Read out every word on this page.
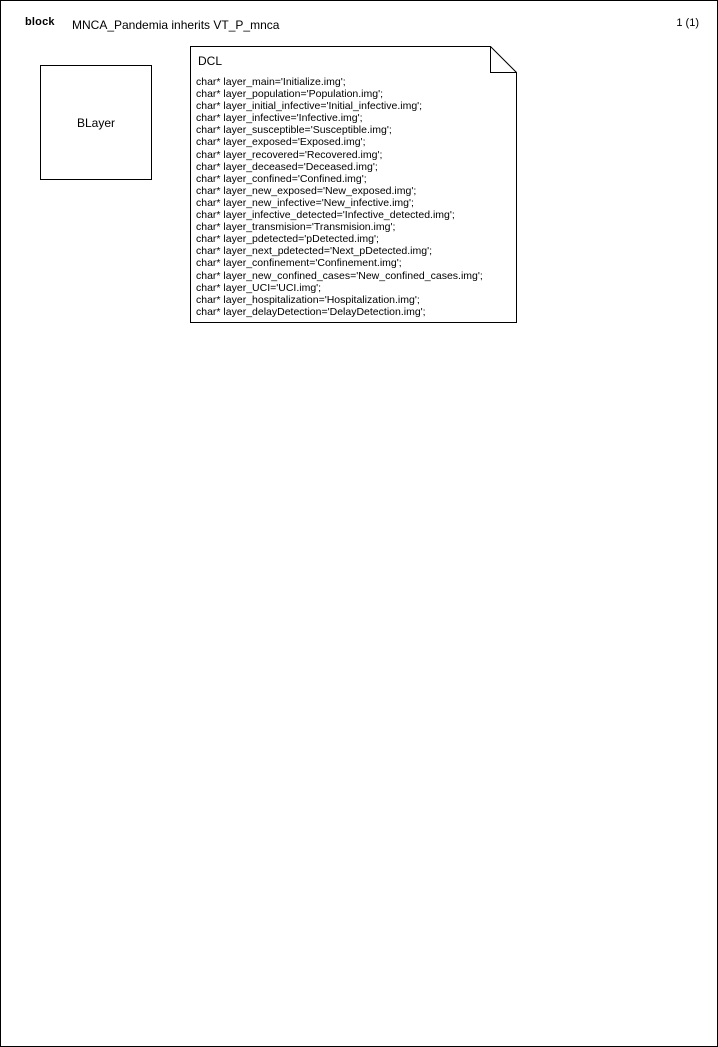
block MNCA_Pandemia inherits VT_P_mnca	1 (1)
BLayer
DCL
char* layer_main='Initialize.img';
char* layer_population='Population.img';
char* layer_initial_infective='Initial_infective.img';
char* layer_infective='Infective.img';
char* layer_susceptible='Susceptible.img';
char* layer_exposed='Exposed.img';
char* layer_recovered='Recovered.img';
char* layer_deceased='Deceased.img';
char* layer_confined='Confined.img';
char* layer_new_exposed='New_exposed.img';
char* layer_new_infective='New_infective.img';
char* layer_infective_detected='Infective_detected.img';
char* layer_transmision='Transmision.img';
char* layer_pdetected='pDetected.img';
char* layer_next_pdetected='Next_pDetected.img';
char* layer_confinement='Confinement.img';
char* layer_new_confined_cases='New_confined_cases.img';
char* layer_UCI='UCI.img';
char* layer_hospitalization='Hospitalization.img';
char* layer_delayDetection='DelayDetection.img';
